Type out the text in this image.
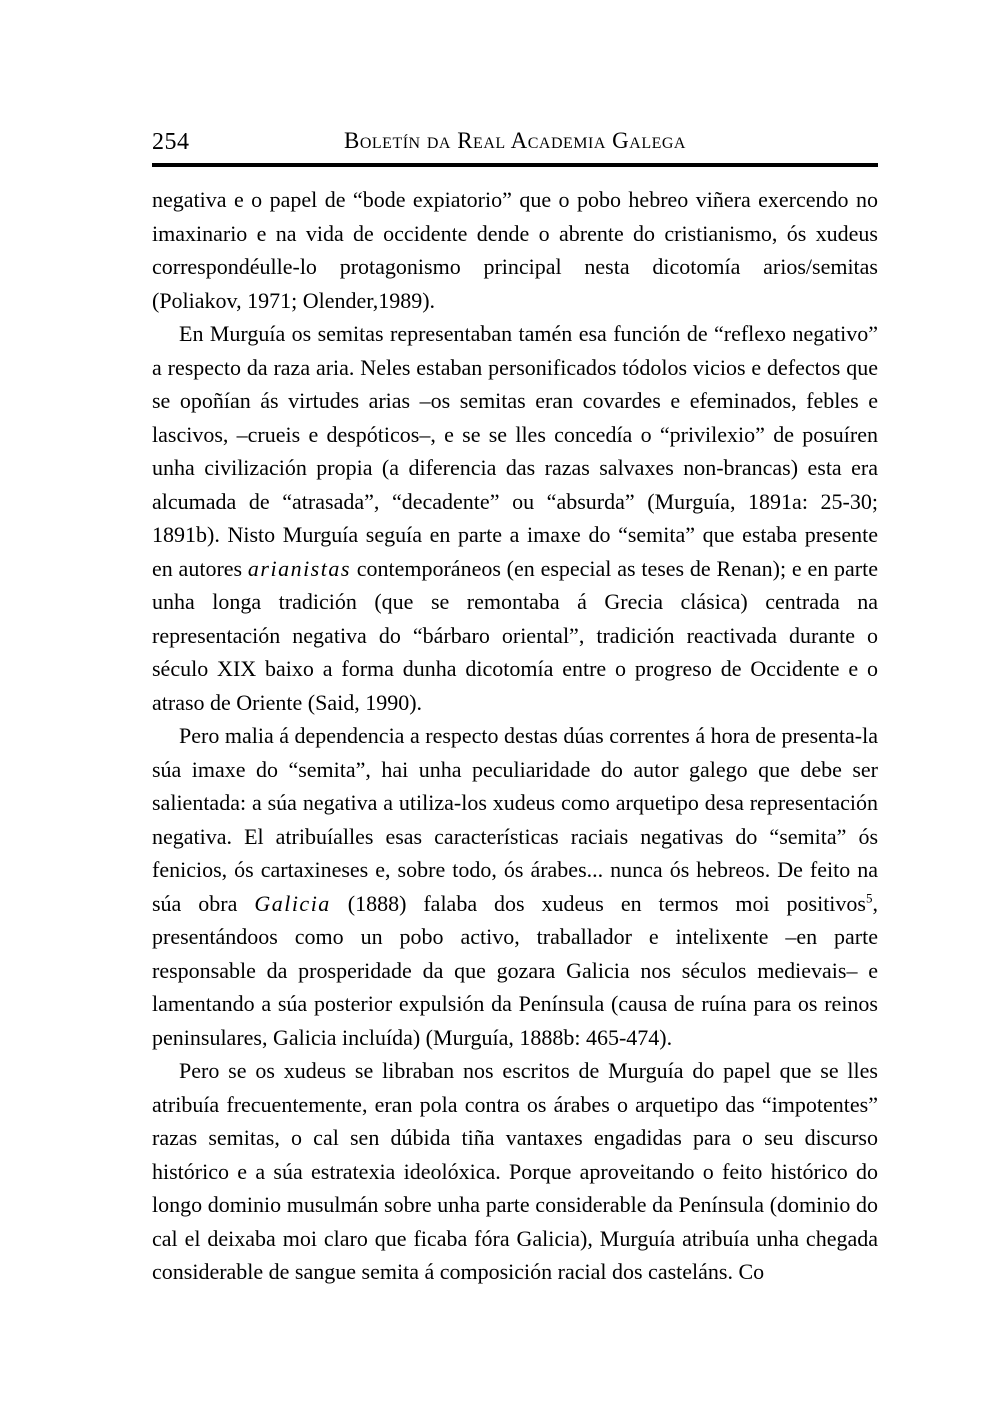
254	Boletín da Real Academia Galega

negativa e o papel de “bode expiatorio” que o pobo hebreo viñera exercendo no imaxinario e na vida de occidente dende o abrente do cristianismo, ós xudeus correspondéulle-lo protagonismo principal nesta dicotomía arios/semitas (Poliakov, 1971; Olender,1989).

En Murguía os semitas representaban tamén esa función de “reflexo negativo” a respecto da raza aria. Neles estaban personificados tódolos vicios e defectos que se opoñían ás virtudes arias –os semitas eran covardes e efeminados, febles e lascivos, –crueis e despóticos–, e se se lles concedía o “privilexio” de posuíren unha civilización propia (a diferencia das razas salvaxes non-brancas) esta era alcumada de “atrasada”, “decadente” ou “absurda” (Murguía, 1891a: 25-30; 1891b). Nisto Murguía seguía en parte a imaxe do “semita” que estaba presente en autores arianistas contemporáneos (en especial as teses de Renan); e en parte unha longa tradición (que se remontaba á Grecia clásica) centrada na representación negativa do “bárbaro oriental”, tradición reactivada durante o século XIX baixo a forma dunha dicotomía entre o progreso de Occidente e o atraso de Oriente (Said, 1990).

Pero malia á dependencia a respecto destas dúas correntes á hora de presenta-la súa imaxe do “semita”, hai unha peculiaridade do autor galego que debe ser salientada: a súa negativa a utiliza-los xudeus como arquetipo desa representación negativa. El atribuíalles esas características raciais negativas do “semita” ós fenicios, ós cartaxineses e, sobre todo, ós árabes... nunca ós hebreos. De feito na súa obra Galicia (1888) falaba dos xudeus en termos moi positivos$^5$, presentándoos como un pobo activo, traballador e intelixente –en parte responsable da prosperidade da que gozara Galicia nos séculos medievais– e lamentando a súa posterior expulsión da Península (causa de ruína para os reinos peninsulares, Galicia incluída) (Murguía, 1888b: 465-474).

Pero se os xudeus se libraban nos escritos de Murguía do papel que se lles atribuía frecuentemente, eran pola contra os árabes o arquetipo das “impotentes” razas semitas, o cal sen dúbida tiña vantaxes engadidas para o seu discurso histórico e a súa estratexia ideolóxica. Porque aproveitando o feito histórico do longo dominio musulmán sobre unha parte considerable da Península (dominio do cal el deixaba moi claro que ficaba fóra Galicia), Murguía atribuía unha chegada considerable de sangue semita á composición racial dos casteláns. Co
